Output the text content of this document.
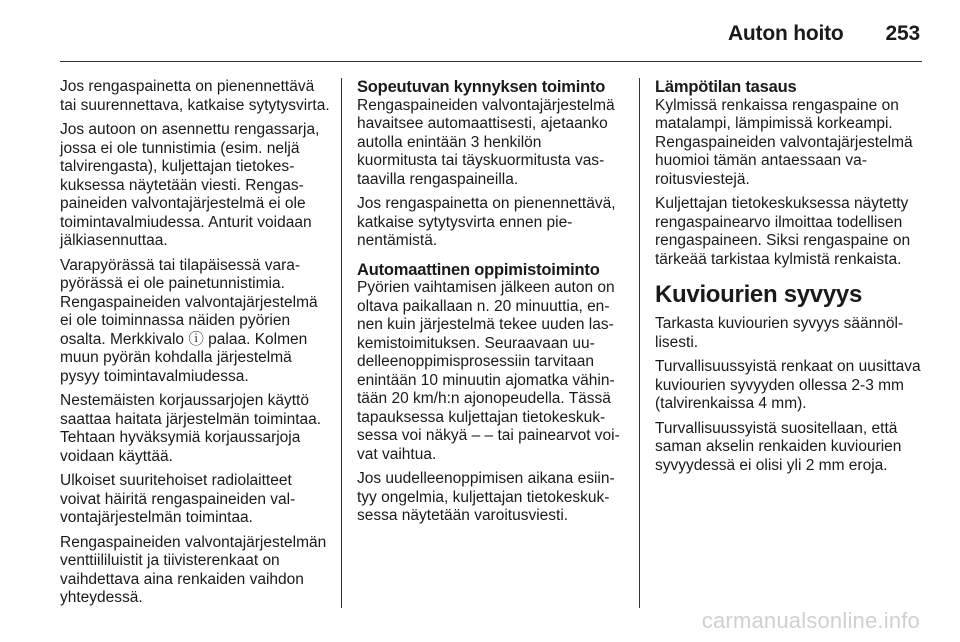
Auton hoito 253

Jos rengaspainetta on pienennettävä tai suurennettava, katkaise sytytysvirta.

Jos autoon on asennettu rengassarja, jossa ei ole tunnistimia (esim. neljä talvirengasta), kuljettajan tietokeskuksessa näytetään viesti. Rengaspaineiden valvontajärjestelmä ei ole toimintavalmiudessa. Anturit voidaan jälkiasennuttaa.

Varapyörässä tai tilapäisessä varapyörässä ei ole painetunnistimia. Rengaspaineiden valvontajärjestelmä ei ole toiminnassa näiden pyörien osalta. Merkkivalo ⓘ palaa. Kolmen muun pyörän kohdalla järjestelmä pysyy toimintavalmiudessa.

Nestemäisten korjaussarjojen käyttö saattaa haitata järjestelmän toimintaa. Tehtaan hyväksymiä korjaussarjoja voidaan käyttää.

Ulkoiset suuritehoiset radiolaitteet voivat häiritä rengaspaineiden valvontajärjestelmän toimintaa.

Rengaspaineiden valvontajärjestelmän venttiililuistit ja tiivisterenkaat on vaihdettava aina renkaiden vaihdon yhteydessä.

Sopeutuvan kynnyksen toiminto

Rengaspaineiden valvontajärjestelmä havaitsee automaattisesti, ajetaanko autolla enintään 3 henkilön kuormitusta tai täyskuormitusta vastaavilla rengaspaineilla.

Jos rengaspainetta on pienennettävä, katkaise sytytysvirta ennen pienentämistä.

Automaattinen oppimistoiminto

Pyörien vaihtamisen jälkeen auton on oltava paikallaan n. 20 minuuttia, ennen kuin järjestelmä tekee uuden laskemistoimituksen. Seuraavaan uudelleenoppimisprosessiin tarvitaan enintään 10 minuutin ajomatka vähintään 20 km/h:n ajonopeudella. Tässä tapauksessa kuljettajan tietokeskuksessa voi näkyä ‒ ‒ tai painearvot voivat vaihtua.

Jos uudelleenoppimisen aikana esiintyy ongelmia, kuljettajan tietokeskuksessa näytetään varoitusviesti.

Lämpötilan tasaus

Kylmissä renkaissa rengaspaine on matalampi, lämpimissä korkeampi. Rengaspaineiden valvontajärjestelmä huomioi tämän antaessaan varoitusviestejä.

Kuljettajan tietokeskuksessa näytetty rengaspainearvo ilmoittaa todellisen rengaspaineen. Siksi rengaspaine on tärkeää tarkistaa kylmistä renkaista.

Kuviourien syvyys

Tarkasta kuviourien syvyys säännöllisesti.

Turvallisuussyistä renkaat on uusittava kuviourien syvyyden ollessa 2-3 mm (talvirenkaissa 4 mm).

Turvallisuussyistä suositellaan, että saman akselin renkaiden kuviourien syvyydessä ei olisi yli 2 mm eroja.

carmanualsonline.info
